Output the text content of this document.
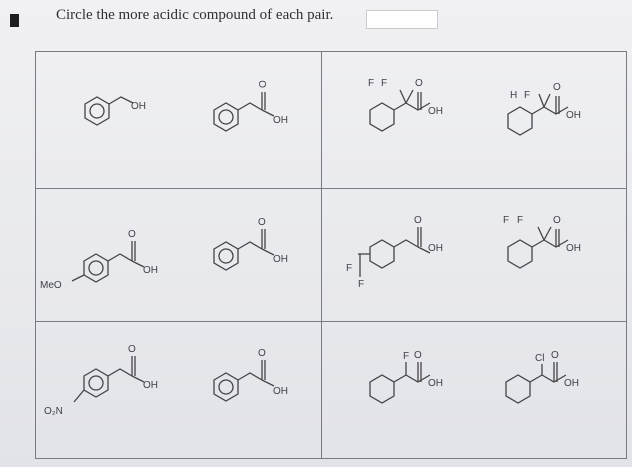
Circle the more acidic compound of each pair.
OH
O
OH
F F	O
OH
H F
O
OH
MeO
O
OH
O
OH
F
F
O
OH
F F	O
OH
O₂N
O
OH
O
OH
F O
OH
Cl O
OH
